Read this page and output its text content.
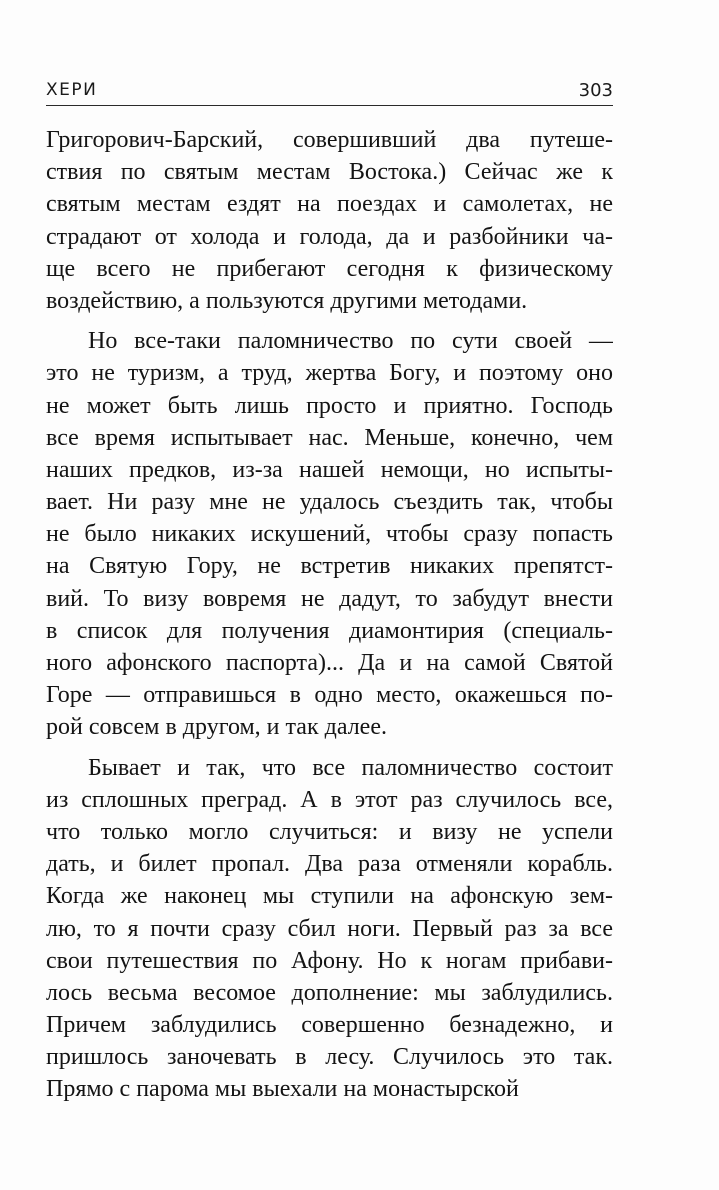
ХЕРИ	303
Григорович-Барский, совершивший два путеше-
ствия по святым местам Востока.) Сейчас же к
святым местам ездят на поездах и самолетах, не
страдают от холода и голода, да и разбойники ча-
ще всего не прибегают сегодня к физическому
воздействию, а пользуются другими методами.
Но все-таки паломничество по сути своей —
это не туризм, а труд, жертва Богу, и поэтому оно
не может быть лишь просто и приятно. Господь
все время испытывает нас. Меньше, конечно, чем
наших предков, из-за нашей немощи, но испыты-
вает. Ни разу мне не удалось съездить так, чтобы
не было никаких искушений, чтобы сразу попасть
на Святую Гору, не встретив никаких препятст-
вий. То визу вовремя не дадут, то забудут внести
в список для получения диамонтирия (специаль-
ного афонского паспорта)... Да и на самой Святой
Горе — отправишься в одно место, окажешься по-
рой совсем в другом, и так далее.
Бывает и так, что все паломничество состоит
из сплошных преград. А в этот раз случилось все,
что только могло случиться: и визу не успели
дать, и билет пропал. Два раза отменяли корабль.
Когда же наконец мы ступили на афонскую зем-
лю, то я почти сразу сбил ноги. Первый раз за все
свои путешествия по Афону. Но к ногам прибави-
лось весьма весомое дополнение: мы заблудились.
Причем заблудились совершенно безнадежно, и
пришлось заночевать в лесу. Случилось это так.
Прямо с парома мы выехали на монастырской
